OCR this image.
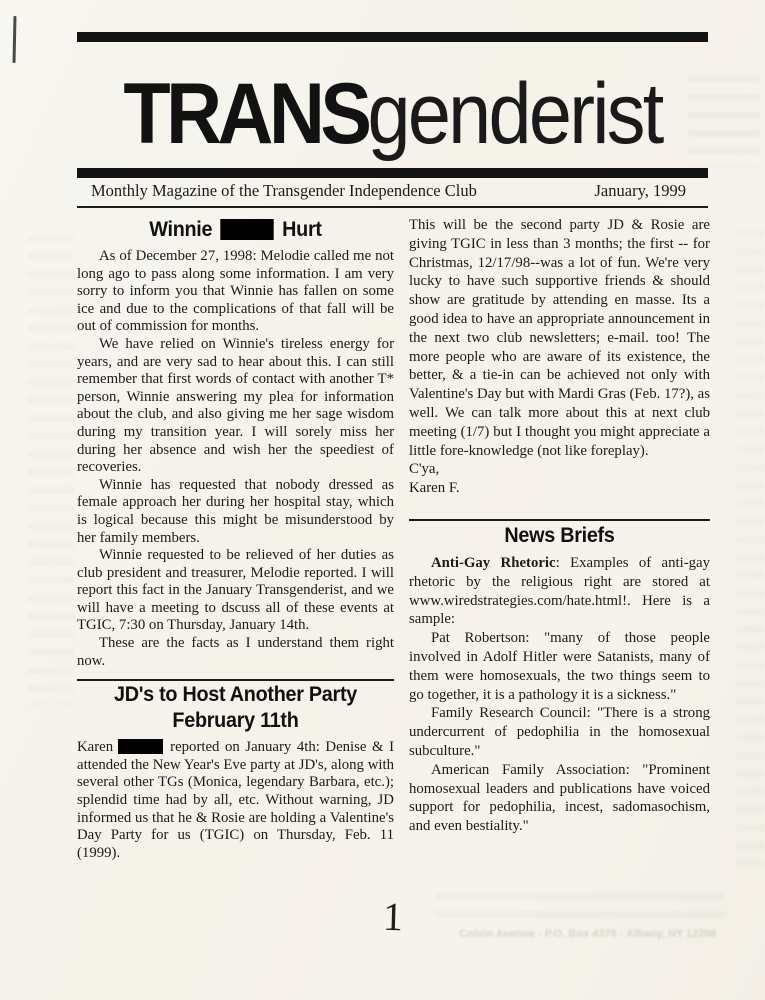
Colvin Avenue - P.O. Box 4370 - Albany, NY 12206
TRANSgenderist
Monthly Magazine of the Transgender Independence Club	January, 1999
Winnie	Hurt

As of December 27, 1998: Melodie called me not long ago to pass along some information. I am very sorry to inform you that Winnie has fallen on some ice and due to the complications of that fall will be out of commission for months.

We have relied on Winnie's tireless energy for years, and are very sad to hear about this. I can still remember that first words of contact with another T* person, Winnie answering my plea for information about the club, and also giving me her sage wisdom during my transition year. I will sorely miss her during her absence and wish her the speediest of recoveries.

Winnie has requested that nobody dressed as female approach her during her hospital stay, which is logical because this might be misunderstood by her family members.

Winnie requested to be relieved of her duties as club president and treasurer, Melodie reported. I will report this fact in the January Transgenderist, and we will have a meeting to dscuss all of these events at TGIC, 7:30 on Thursday, January 14th.

These are the facts as I understand them right now.

JD's to Host Another Party
February 11th

Karen	reported on January 4th: Denise & I attended the New Year's Eve party at JD's, along with several other TGs (Monica, legendary Barbara, etc.); splendid time had by all, etc. Without warning, JD informed us that he & Rosie are holding a Valentine's Day Party for us (TGIC) on Thursday, Feb. 11 (1999).

This will be the second party JD & Rosie are giving TGIC in less than 3 months; the first -- for Christmas, 12/17/98--was a lot of fun. We're very lucky to have such supportive friends & should show are gratitude by attending en masse. Its a good idea to have an appropriate announcement in the next two club newsletters; e-mail. too! The more people who are aware of its existence, the better, & a tie-in can be achieved not only with Valentine's Day but with Mardi Gras (Feb. 17?), as well. We can talk more about this at next club meeting (1/7) but I thought you might appreciate a little fore-knowledge (not like foreplay).

C'ya,

Karen F.

News Briefs

Anti-Gay Rhetoric: Examples of anti-gay rhetoric by the religious right are stored at www.wiredstrategies.com/hate.html!. Here is a sample:

Pat Robertson: "many of those people involved in Adolf Hitler were Satanists, many of them were homosexuals, the two things seem to go together, it is a pathology it is a sickness."

Family Research Council: "There is a strong undercurrent of pedophilia in the homosexual subculture."

American Family Association: "Prominent homosexual leaders and publications have voiced support for pedophilia, incest, sadomasochism, and even bestiality."

1
